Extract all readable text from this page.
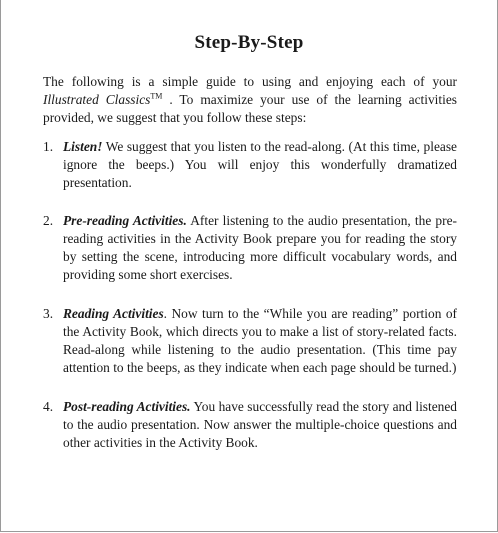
Step-By-Step

The following is a simple guide to using and enjoying each of your Illustrated Classics™ . To maximize your use of the learning activities provided, we suggest that you follow these steps:

1. Listen! We suggest that you listen to the read-along. (At this time, please ignore the beeps.) You will enjoy this wonderfully dramatized presentation.
2. Pre-reading Activities. After listening to the audio presentation, the pre-reading activities in the Activity Book prepare you for reading the story by setting the scene, introducing more difficult vocabulary words, and providing some short exercises.
3. Reading Activities. Now turn to the “While you are reading” portion of the Activity Book, which directs you to make a list of story-related facts. Read-along while listening to the audio presentation. (This time pay attention to the beeps, as they indicate when each page should be turned.)
4. Post-reading Activities. You have successfully read the story and listened to the audio presentation. Now answer the multiple-choice questions and other activities in the Activity Book.
